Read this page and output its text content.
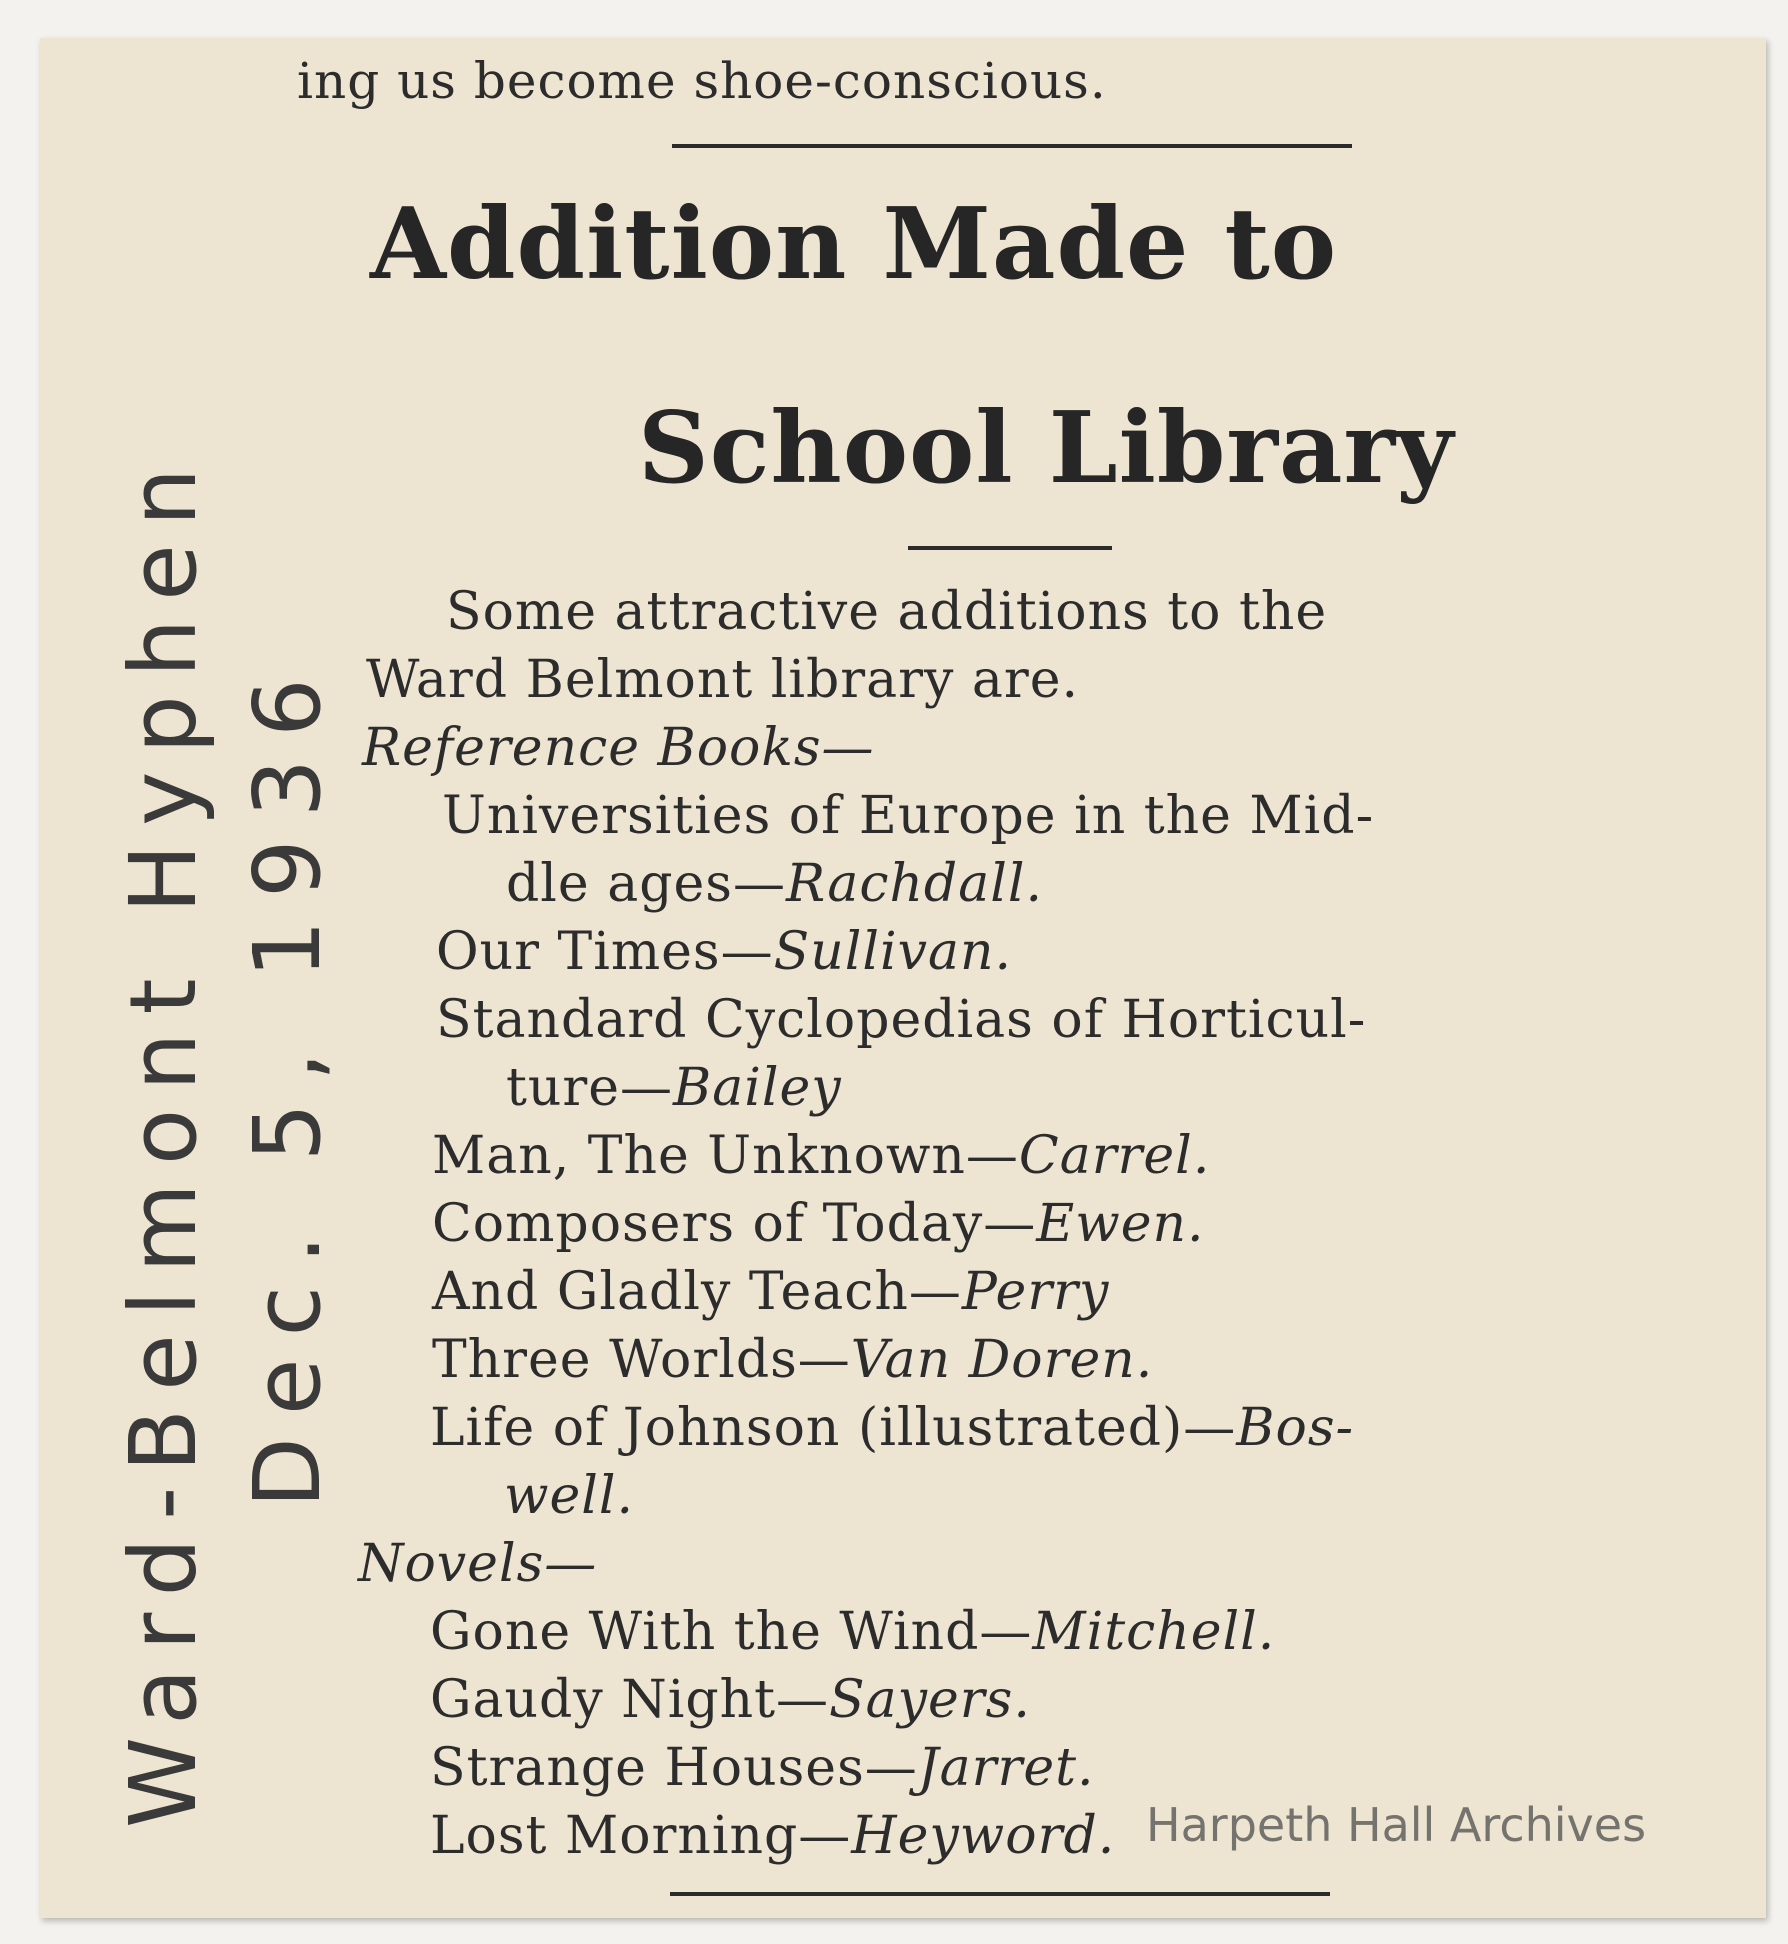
ing us become shoe-conscious.
Addition Made to
School Library
Some attractive additions to the
Ward Belmont library are.
Reference Books—
Universities of Europe in the Mid-
dle ages—Rachdall.
Our Times—Sullivan.
Standard Cyclopedias of Horticul-
ture—Bailey
Man, The Unknown—Carrel.
Composers of Today—Ewen.
And Gladly Teach—Perry
Three Worlds—Van Doren.
Life of Johnson (illustrated)—Bos-
well.
Novels—
Gone With the Wind—Mitchell.
Gaudy Night—Sayers.
Strange Houses—Jarret.
Lost Morning—Heyword.
Ward-Belmont Hyphen Dec. 5, 1936
Harpeth Hall Archives
